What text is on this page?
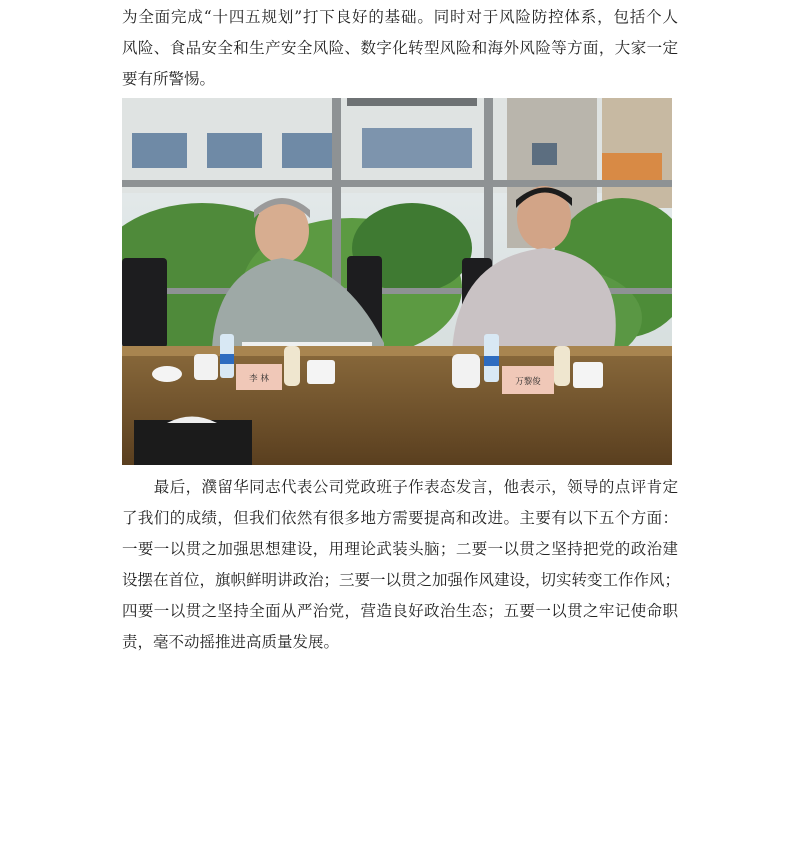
为全面完成“十四五规划”打下良好的基础。同时对于风险防控体系，包括个人
风险、食品安全和生产安全风险、数字化转型风险和海外风险等方面，大家一定
要有所警惕。

李 林	万黎俊

　　最后，濮留华同志代表公司党政班子作表态发言，他表示，领导的点评肯定
了我们的成绩，但我们依然有很多地方需要提高和改进。主要有以下五个方面：
一要一以贯之加强思想建设，用理论武装头脑；二要一以贯之坚持把党的政治建
设摆在首位，旗帜鲜明讲政治；三要一以贯之加强作风建设，切实转变工作作风；
四要一以贯之坚持全面从严治党，营造良好政治生态；五要一以贯之牢记使命职
责，毫不动摇推进高质量发展。
